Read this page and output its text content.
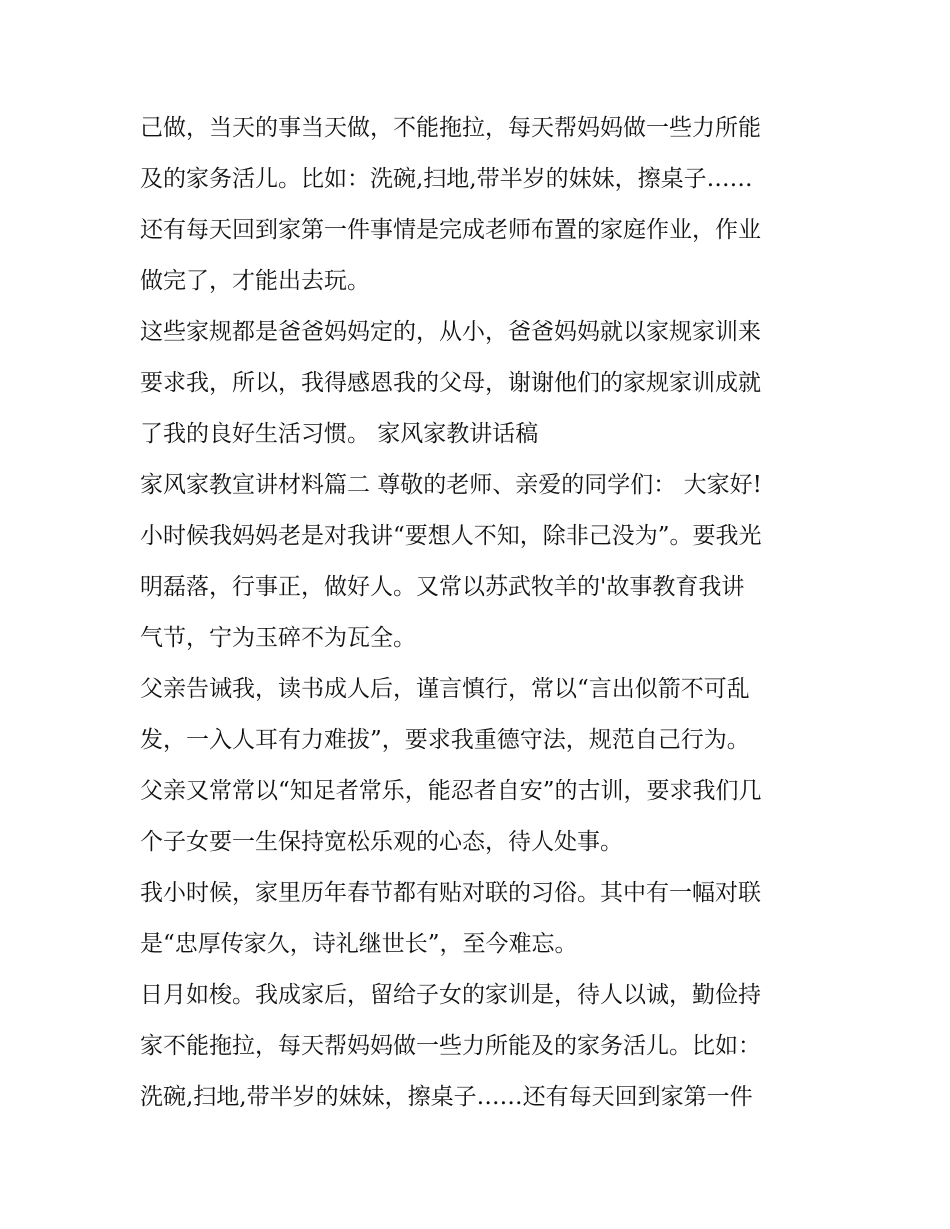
己做，当天的事当天做，不能拖拉，每天帮妈妈做一些力所能
及的家务活儿。比如：洗碗,扫地,带半岁的妹妹，擦桌子……
还有每天回到家第一件事情是完成老师布置的家庭作业，作业
做完了，才能出去玩。
这些家规都是爸爸妈妈定的，从小，爸爸妈妈就以家规家训来
要求我，所以，我得感恩我的父母，谢谢他们的家规家训成就
了我的良好生活习惯。 家风家教讲话稿
家风家教宣讲材料篇二 尊敬的老师、亲爱的同学们： 大家好!
小时候我妈妈老是对我讲“要想人不知，除非己没为”。要我光
明磊落，行事正，做好人。又常以苏武牧羊的'故事教育我讲
气节，宁为玉碎不为瓦全。
父亲告诫我，读书成人后，谨言慎行，常以“言出似箭不可乱
发，一入人耳有力难拔”，要求我重德守法，规范自己行为。
父亲又常常以“知足者常乐，能忍者自安”的古训，要求我们几
个子女要一生保持宽松乐观的心态，待人处事。
我小时候，家里历年春节都有贴对联的习俗。其中有一幅对联
是“忠厚传家久，诗礼继世长”，至今难忘。
日月如梭。我成家后，留给子女的家训是，待人以诚，勤俭持
家不能拖拉，每天帮妈妈做一些力所能及的家务活儿。比如：
洗碗,扫地,带半岁的妹妹，擦桌子……还有每天回到家第一件
